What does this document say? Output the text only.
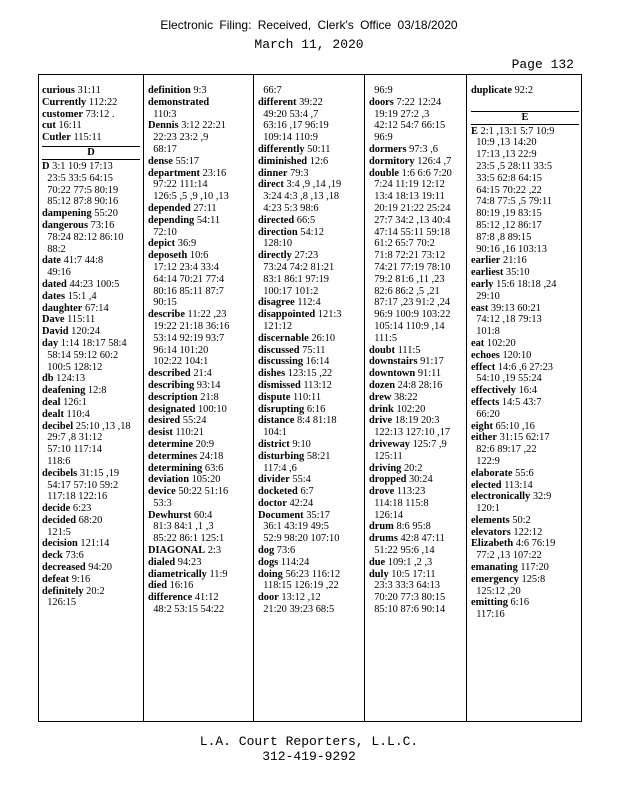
Electronic Filing: Received, Clerk's Office 03/18/2020
March 11, 2020
Page 132
curious 31:11
Currently 112:22
customer 73:12 .
cut 16:11
Cutler 115:11
D
D 3:1 10:9 17:13
23:5 33:5 64:15
70:22 77:5 80:19
85:12 87:8 90:16
dampening 55:20
dangerous 73:16
78:24 82:12 86:10
88:2
date 41:7 44:8
49:16
dated 44:23 100:5
dates 15:1 ,4
daughter 67:14
Dave 115:11
David 120:24
day 1:14 18:17 58:4
58:14 59:12 60:2
100:5 128:12
db 124:13
deafening 12:8
deal 126:1
dealt 110:4
decibel 25:10 ,13 ,18
29:7 ,8 31:12
57:10 117:14
118:6
decibels 31:15 ,19
54:17 57:10 59:2
117:18 122:16
decide 6:23
decided 68:20
121:5
decision 121:14
deck 73:6
decreased 94:20
defeat 9:16
definitely 20:2
126:15
definition 9:3
demonstrated
110:3
Dennis 3:12 22:21
22:23 23:2 ,9
68:17
dense 55:17
department 23:16
97:22 111:14
126:5 ,5 ,9 ,10 ,13
depended 27:11
depending 54:11
72:10
depict 36:9
deposeth 10:6
17:12 23:4 33:4
64:14 70:21 77:4
80:16 85:11 87:7
90:15
describe 11:22 ,23
19:22 21:18 36:16
53:14 92:19 93:7
96:14 101:20
102:22 104:1
described 21:4
describing 93:14
description 21:8
designated 100:10
desired 55:24
desist 110:21
determine 20:9
determines 24:18
determining 63:6
deviation 105:20
device 50:22 51:16
53:3
Dewhurst 60:4
81:3 84:1 ,1 ,3
85:22 86:1 125:1
DIAGONAL 2:3
dialed 94:23
diametrically 11:9
died 16:16
difference 41:12
48:2 53:15 54:22
66:7
different 39:22
49:20 53:4 ,7
63:16 ,17 96:19
109:14 110:9
differently 50:11
diminished 12:6
dinner 79:3
direct 3:4 ,9 ,14 ,19
3:24 4:3 ,8 ,13 ,18
4:23 5:3 98:6
directed 66:5
direction 54:12
128:10
directly 27:23
73:24 74:2 81:21
83:1 86:1 97:19
100:17 101:2
disagree 112:4
disappointed 121:3
121:12
discernable 26:10
discussed 75:11
discussing 16:14
dishes 123:15 ,22
dismissed 113:12
dispute 110:11
disrupting 6:16
distance 8:4 81:18
104:1
district 9:10
disturbing 58:21
117:4 ,6
divider 55:4
docketed 6:7
doctor 42:24
Document 35:17
36:1 43:19 49:5
52:9 98:20 107:10
dog 73:6
dogs 114:24
doing 56:23 116:12
118:15 126:19 ,22
door 13:12 ,12
21:20 39:23 68:5
96:9
doors 7:22 12:24
19:19 27:2 ,3
42:12 54:7 66:15
96:9
dormers 97:3 ,6
dormitory 126:4 ,7
double 1:6 6:6 7:20
7:24 11:19 12:12
13:4 18:13 19:11
20:19 21:22 25:24
27:7 34:2 ,13 40:4
47:14 55:11 59:18
61:2 65:7 70:2
71:8 72:21 73:12
74:21 77:19 78:10
79:2 81:6 ,11 ,23
82:6 86:2 ,5 ,21
87:17 ,23 91:2 ,24
96:9 100:9 103:22
105:14 110:9 ,14
111:5
doubt 111:5
downstairs 91:17
downtown 91:11
dozen 24:8 28:16
drew 38:22
drink 102:20
drive 18:19 20:3
122:13 127:10 ,17
driveway 125:7 ,9
125:11
driving 20:2
dropped 30:24
drove 113:23
114:18 115:8
126:14
drum 8:6 95:8
drums 42:8 47:11
51:22 95:6 ,14
due 109:1 ,2 ,3
duly 10:5 17:11
23:3 33:3 64:13
70:20 77:3 80:15
85:10 87:6 90:14
duplicate 92:2
E
E 2:1 ,13:1 5:7 10:9
10:9 ,13 14:20
17:13 ,13 22:9
23:5 ,5 28:11 33:5
33:5 62:8 64:15
64:15 70:22 ,22
74:8 77:5 ,5 79:11
80:19 ,19 83:15
85:12 ,12 86:17
87:8 ,8 89:15
90:16 ,16 103:13
earlier 21:16
earliest 35:10
early 15:6 18:18 ,24
29:10
east 39:13 60:21
74:12 ,18 79:13
101:8
eat 102:20
echoes 120:10
effect 14:6 ,6 27:23
54:10 ,19 55:24
effectively 16:4
effects 14:5 43:7
66:20
eight 65:10 ,16
either 31:15 62:17
82:6 89:17 ,22
122:9
elaborate 55:6
elected 113:14
electronically 32:9
120:1
elements 50:2
elevators 122:12
Elizabeth 4:6 76:19
77:2 ,13 107:22
emanating 117:20
emergency 125:8
125:12 ,20
emitting 6:16
117:16
L.A. Court Reporters, L.L.C.
312-419-9292
